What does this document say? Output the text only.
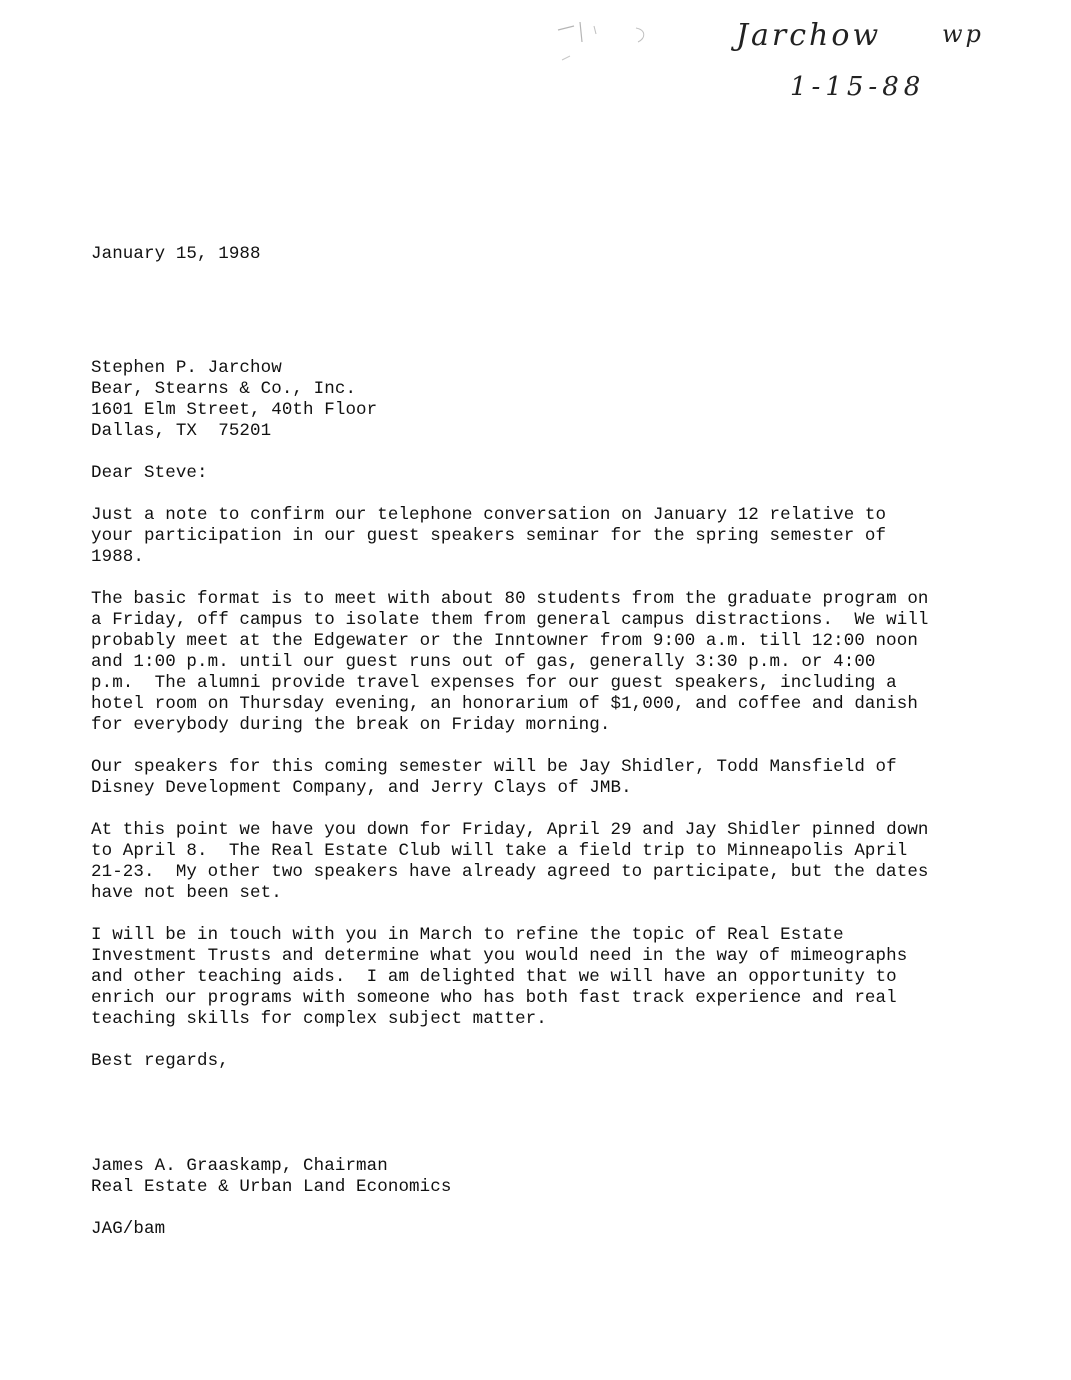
Jarchow	wp
1-15-88
January 15, 1988
Stephen P. Jarchow
Bear, Stearns & Co., Inc.
1601 Elm Street, 40th Floor
Dallas, TX  75201
Dear Steve:
Just a note to confirm our telephone conversation on January 12 relative to
your participation in our guest speakers seminar for the spring semester of
1988.
The basic format is to meet with about 80 students from the graduate program on
a Friday, off campus to isolate them from general campus distractions.  We will
probably meet at the Edgewater or the Inntowner from 9:00 a.m. till 12:00 noon
and 1:00 p.m. until our guest runs out of gas, generally 3:30 p.m. or 4:00
p.m.  The alumni provide travel expenses for our guest speakers, including a
hotel room on Thursday evening, an honorarium of $1,000, and coffee and danish
for everybody during the break on Friday morning.
Our speakers for this coming semester will be Jay Shidler, Todd Mansfield of
Disney Development Company, and Jerry Clays of JMB.
At this point we have you down for Friday, April 29 and Jay Shidler pinned down
to April 8.  The Real Estate Club will take a field trip to Minneapolis April
21-23.  My other two speakers have already agreed to participate, but the dates
have not been set.
I will be in touch with you in March to refine the topic of Real Estate
Investment Trusts and determine what you would need in the way of mimeographs
and other teaching aids.  I am delighted that we will have an opportunity to
enrich our programs with someone who has both fast track experience and real
teaching skills for complex subject matter.
Best regards,
James A. Graaskamp, Chairman
Real Estate & Urban Land Economics
JAG/bam
